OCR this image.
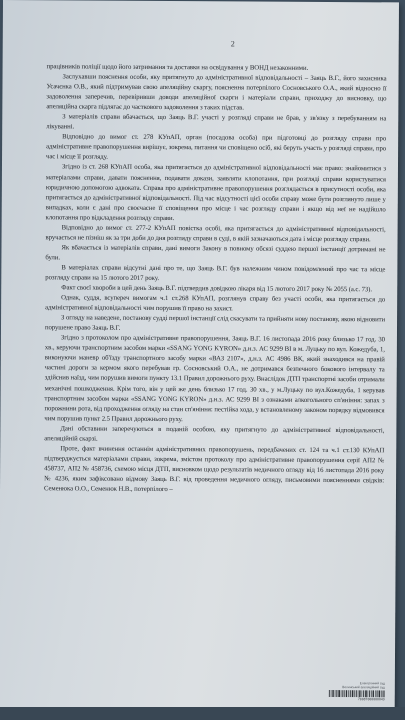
2

працівників поліції щодо його затримання та доставки на освідування у ВОНД незаконними.

Заслухавши пояснення особи, яку притягнуто до адміністративної відповідальності – Заяць В.Г., його захисника Усачєнка О.В., який підтримував свою апеляційну скаргу, пояснення потерпілого Сосновського О.А., який відносно її задоволення заперечив, перевіривши доводи апеляційної скарги і матеріали справи, приходжу до висновку, що апеляційна скарга підлягає до часткового задоволення з таких підстав.

З матеріалів справи вбачається, що Заяць В.Г. участі у розгляді справи не брав, у зв'язку з перебуванням на лікуванні.

Відповідно до вимог ст. 278 КУпАП, орган (посадова особа) при підготовці до розгляду справи про адміністративне правопорушення вирішує, зокрема, питання чи сповіщено осіб, які беруть участь у розгляді справи, про час і місце її розгляду.

Згідно із ст. 268 КУпАП особа, яка притягається до адміністративної відповідальності має право: знайомитися з матеріалами справи, давати пояснення, подавати докази, заявляти клопотання, при розгляді справи користуватися юридичною допомогою адвоката. Справа про адміністративне правопорушення розглядається в присутності особи, яка притягається до адміністративної відповідальності. Під час відсутності цієї особи справу може бути розглянуто лише у випадках, коли є дані про своєчасне її сповіщення про місце і час розгляду справи і якщо від неї не надійшло клопотання про відкладення розгляду справи.

Відповідно до вимог ст. 277-2 КУпАП повістка особі, яка притягається до адміністративної відповідальності, вручається не пізніш як за три доби до дня розгляду справи в суді, в якій зазначаються дата і місце розгляду справи.

Як вбачається із матеріалів справи, дані вимоги Закону в повному обсязі суддею першої інстанції дотримані не були.

В матеріалах справи відсутні дані про те, що Заяць В.Г. був належним чином повідомлений про час та місце розгляду справи на 15 лютого 2017 року.

Факт своєї хвороби в цей день Заяць В.Г. підтвердив довідкою лікаря від 15 лютого 2017 року № 2055 (а.с. 73).

Однак, суддя, всупереч вимогам ч.1 ст.268 КУпАП, розглянув справу без участі особи, яка притягається до адміністративної відповідальності чим порушив її право на захист.

З огляду на наведене, постанову судді першої інстанції слід скасувати та прийняти нову постанову, якою відновити порушене право Заяць В.Г.

Згідно з протоколом про адміністративне правопорушення, Заяць В.Г. 16 листопада 2016 року близько 17 год. 30 хв., керуючи транспортним засобом марки «SSANG YONG KYRON» д.н.з. АС 9299 ВІ в м. Луцьку по вул. Кожедуба, 1, виконуючи маневр об'їзду транспортного засобу марки «ВАЗ 2107», д.н.з. АС 4986 ВК, який знаходився на правій частині дороги за кермом якого перебував гр. Сосновський О.А., не дотримався безпечного бокового інтервалу та здійснив наїзд, чим порушив вимоги пункту 13.1 Правил дорожнього руху. Внаслідок ДТП транспортні засоби отримали механічні пошкодження. Крім того, він у цей же день близько 17 год. 30 хв., у м.Луцьку по вул.Кожедуба, 1 керував транспортним засобом марки «SSANG YONG KYRON» д.н.з. АС 9299 ВІ з ознаками алкогольного сп'яніння: запах з порожнини рота, від проходження огляду на стан сп'яніння: пестійка хода, у встановленому законом порядку відмовився чим порушив пункт 2.5 Правил дорожнього руху.

Дані обставини заперечуються в поданій особою, яку притягнуто до адміністративної відповідальності, апеляційній скарзі.

Проте, факт вчинення останнім адміністративних правопорушень, передбачених ст. 124 та ч.1 ст.130 КУпАП підтверджується матеріалами справи, зокрема, змістом протоколу про адміністративне правопорушення серії АП2 № 458737, АП2 № 458736, схемою місця ДТП, висновком щодо результатів медичного огляду від 16 листопада 2016 року № 4236, яким зафіксовано відмову Заяць В.Г. від проведення медичного огляду, письмовими поясненнями свідків: Семенюка О.О., Семенюк Н.В., потерпілого –

Електронний суд
Волинський апеляційний суд
70087000000049
